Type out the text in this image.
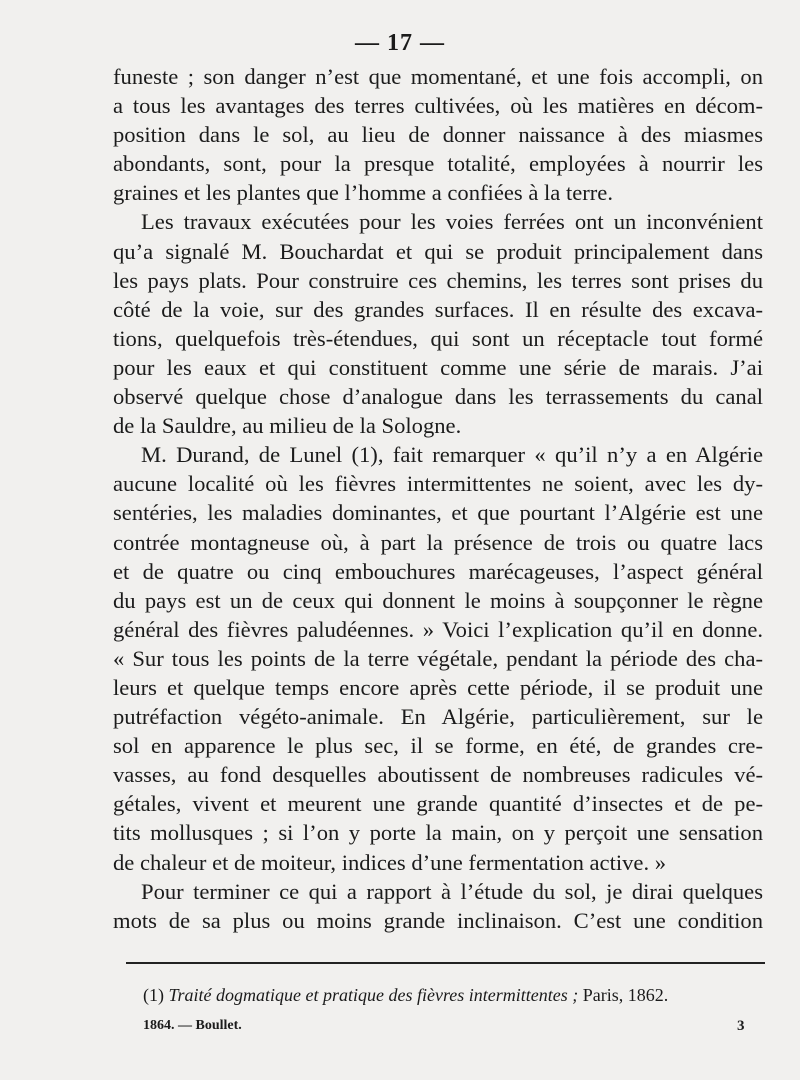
— 17 —
funeste ; son danger n’est que momentané, et une fois accompli, on
a tous les avantages des terres cultivées, où les matières en décom-
position dans le sol, au lieu de donner naissance à des miasmes
abondants, sont, pour la presque totalité, employées à nourrir les
graines et les plantes que l’homme a confiées à la terre.
Les travaux exécutées pour les voies ferrées ont un inconvénient
qu’a signalé M. Bouchardat et qui se produit principalement dans
les pays plats. Pour construire ces chemins, les terres sont prises du
côté de la voie, sur des grandes surfaces. Il en résulte des excava-
tions, quelquefois très-étendues, qui sont un réceptacle tout formé
pour les eaux et qui constituent comme une série de marais. J’ai
observé quelque chose d’analogue dans les terrassements du canal
de la Sauldre, au milieu de la Sologne.
M. Durand, de Lunel (1), fait remarquer « qu’il n’y a en Algérie
aucune localité où les fièvres intermittentes ne soient, avec les dy-
sentéries, les maladies dominantes, et que pourtant l’Algérie est une
contrée montagneuse où, à part la présence de trois ou quatre lacs
et de quatre ou cinq embouchures marécageuses, l’aspect général
du pays est un de ceux qui donnent le moins à soupçonner le règne
général des fièvres paludéennes. » Voici l’explication qu’il en donne.
« Sur tous les points de la terre végétale, pendant la période des cha-
leurs et quelque temps encore après cette période, il se produit une
putréfaction végéto-animale. En Algérie, particulièrement, sur le
sol en apparence le plus sec, il se forme, en été, de grandes cre-
vasses, au fond desquelles aboutissent de nombreuses radicules vé-
gétales, vivent et meurent une grande quantité d’insectes et de pe-
tits mollusques ; si l’on y porte la main, on y perçoit une sensation
de chaleur et de moiteur, indices d’une fermentation active. »
Pour terminer ce qui a rapport à l’étude du sol, je dirai quelques
mots de sa plus ou moins grande inclinaison. C’est une condition
(1) Traité dogmatique et pratique des fièvres intermittentes ; Paris, 1862.
1864. — Boullet.	3
